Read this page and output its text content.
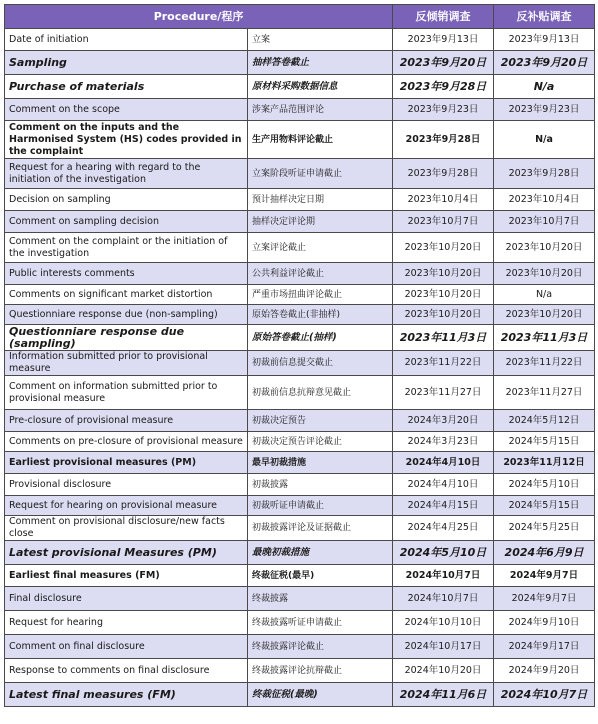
Procedure/程序		反倾销调查	反补贴调查
Date of initiation	立案	2023年9月13日	2023年9月13日
Sampling	抽样答卷截止	2023年9月20日	2023年9月20日
Purchase of materials	原材料采购数据信息	2023年9月28日	N/a
Comment on the scope	涉案产品范围评论	2023年9月23日	2023年9月23日
Comment on the inputs and the Harmonised System (HS) codes provided in the complaint	生产用物料评论截止	2023年9月28日	N/a
Request for a hearing with regard to the initiation of the investigation	立案阶段听证申请截止	2023年9月28日	2023年9月28日
Decision on sampling	预计抽样决定日期	2023年10月4日	2023年10月4日
Comment on sampling decision	抽样决定评论期	2023年10月7日	2023年10月7日
Comment on the complaint or the initiation of the investigation	立案评论截止	2023年10月20日	2023年10月20日
Public interests comments	公共利益评论截止	2023年10月20日	2023年10月20日
Comments on significant market distortion	严重市场扭曲评论截止	2023年10月20日	N/a
Questionniare response due (non-sampling)	原始答卷截止(非抽样)	2023年10月20日	2023年10月20日
Questionniare response due (sampling)	原始答卷截止(抽样)	2023年11月3日	2023年11月3日
Information submitted prior to provisional measure	初裁前信息提交截止	2023年11月22日	2023年11月22日
Comment on information submitted prior to provisional measure	初裁前信息抗辩意见截止	2023年11月27日	2023年11月27日
Pre-closure of provisional measure	初裁决定预告	2024年3月20日	2024年5月12日
Comments on pre-closure of provisional measure	初裁决定预告评论截止	2024年3月23日	2024年5月15日
Earliest provisional measures (PM)	最早初裁措施	2024年4月10日	2023年11月12日
Provisional disclosure	初裁披露	2024年4月10日	2024年5月10日
Request for hearing on provisional measure	初裁听证申请截止	2024年4月15日	2024年5月15日
Comment on provisional disclosure/new facts close	初裁披露评论及证据截止	2024年4月25日	2024年5月25日
Latest provisional Measures (PM)	最晚初裁措施	2024年5月10日	2024年6月9日
Earliest final measures (FM)	终裁征税(最早)	2024年10月7日	2024年9月7日
Final disclosure	终裁披露	2024年10月7日	2024年9月7日
Request for hearing	终裁披露听证申请截止	2024年10月10日	2024年9月10日
Comment on final disclosure	终裁披露评论截止	2024年10月17日	2024年9月17日
Response to comments on final disclosure	终裁披露评论抗辩截止	2024年10月20日	2024年9月20日
Latest final measures (FM)	终裁征税(最晚)	2024年11月6日	2024年10月7日
